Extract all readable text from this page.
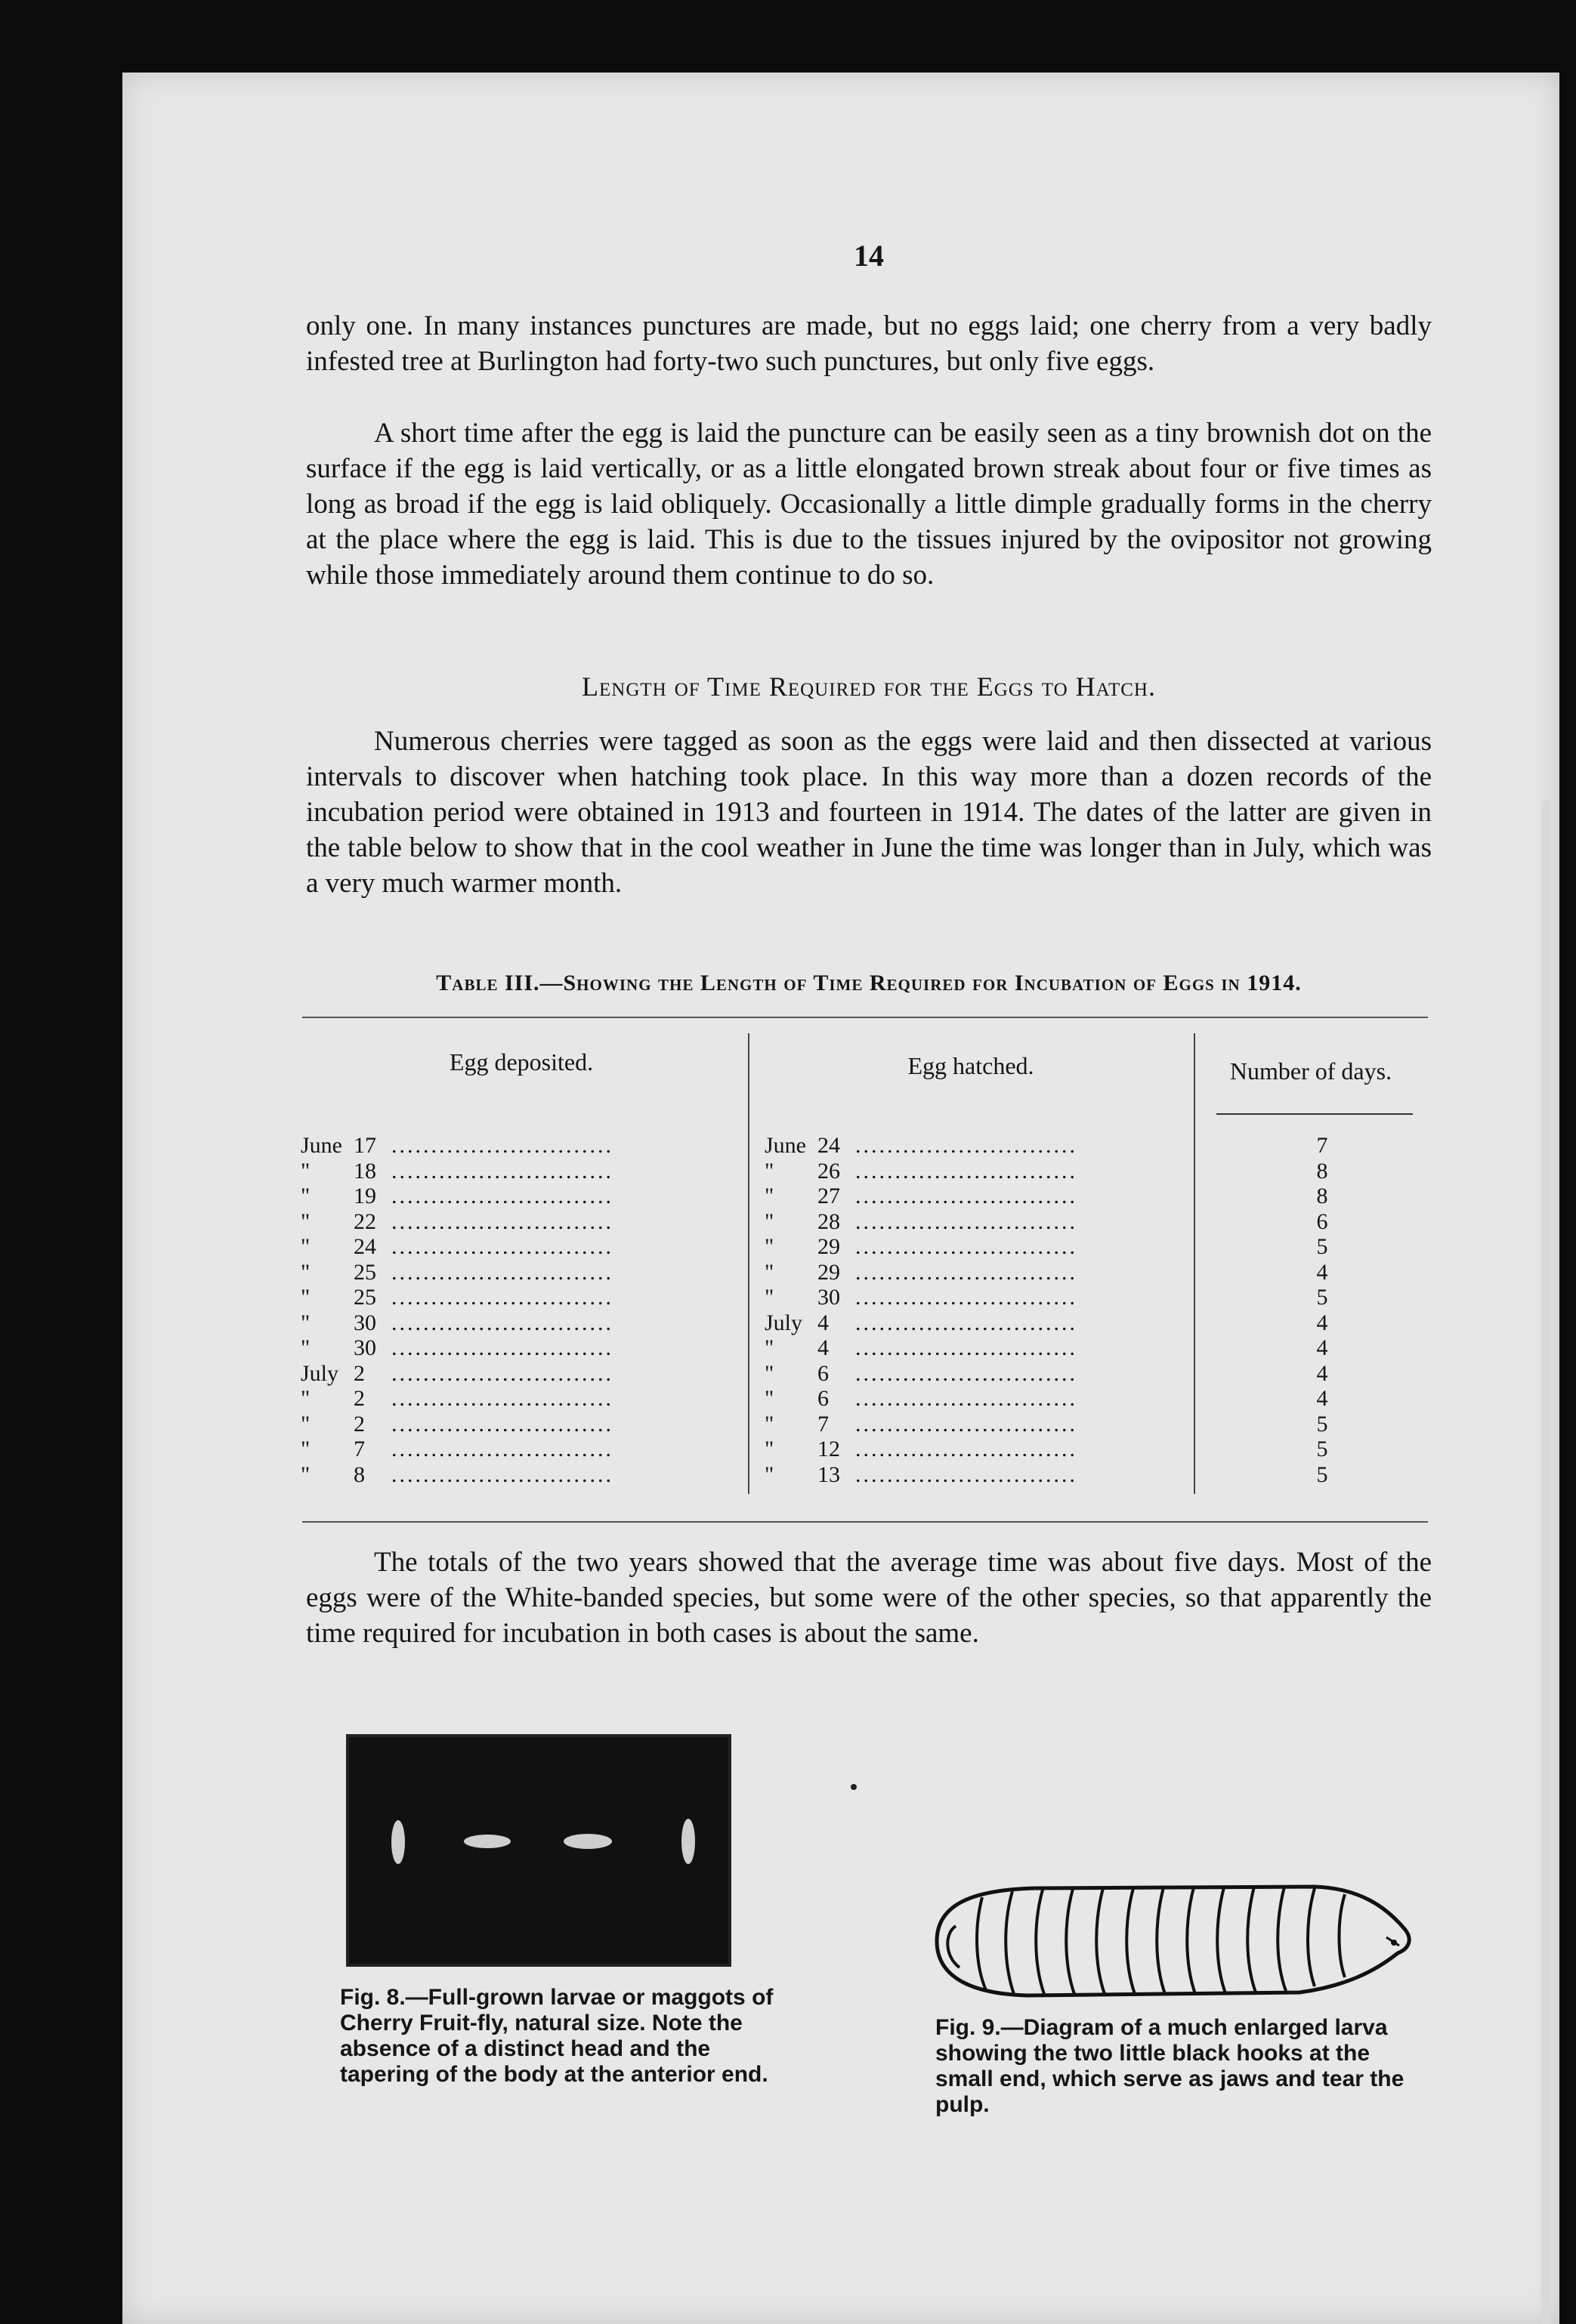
14

only one. In many instances punctures are made, but no eggs laid; one cherry from a very badly infested tree at Burlington had forty-two such punctures, but only five eggs.

A short time after the egg is laid the puncture can be easily seen as a tiny brownish dot on the surface if the egg is laid vertically, or as a little elongated brown streak about four or five times as long as broad if the egg is laid obliquely. Occasionally a little dimple gradually forms in the cherry at the place where the egg is laid. This is due to the tissues injured by the ovipositor not growing while those immediately around them continue to do so.

Length of Time Required for the Eggs to Hatch.

Numerous cherries were tagged as soon as the eggs were laid and then dissected at various intervals to discover when hatching took place. In this way more than a dozen records of the incubation period were obtained in 1913 and fourteen in 1914. The dates of the latter are given in the table below to show that in the cool weather in June the time was longer than in July, which was a very much warmer month.

Table III.—Showing the Length of Time Required for Incubation of Eggs in 1914.
Egg deposited.	Egg hatched.	Number of days.
June 17 ............................	June 24 ............................	7
" 18 ............................	" 26 ............................	8
" 19 ............................	" 27 ............................	8
" 22 ............................	" 28 ............................	6
" 24 ............................	" 29 ............................	5
" 25 ............................	" 29 ............................	4
" 25 ............................	" 30 ............................	5
" 30 ............................	July 4 ............................	4
" 30 ............................	" 4 ............................	4
July 2 ............................	" 6 ............................	4
" 2 ............................	" 6 ............................	4
" 2 ............................	" 7 ............................	5
" 7 ............................	" 12 ............................	5
" 8 ............................	" 13 ............................	5

The totals of the two years showed that the average time was about five days. Most of the eggs were of the White-banded species, but some were of the other species, so that apparently the time required for incubation in both cases is about the same.

Fig. 8.—Full-grown larvae or maggots of Cherry Fruit-fly, natural size. Note the absence of a distinct head and the tapering of the body at the anterior end.

Fig. 9.—Diagram of a much enlarged larva showing the two little black hooks at the small end, which serve as jaws and tear the pulp.
